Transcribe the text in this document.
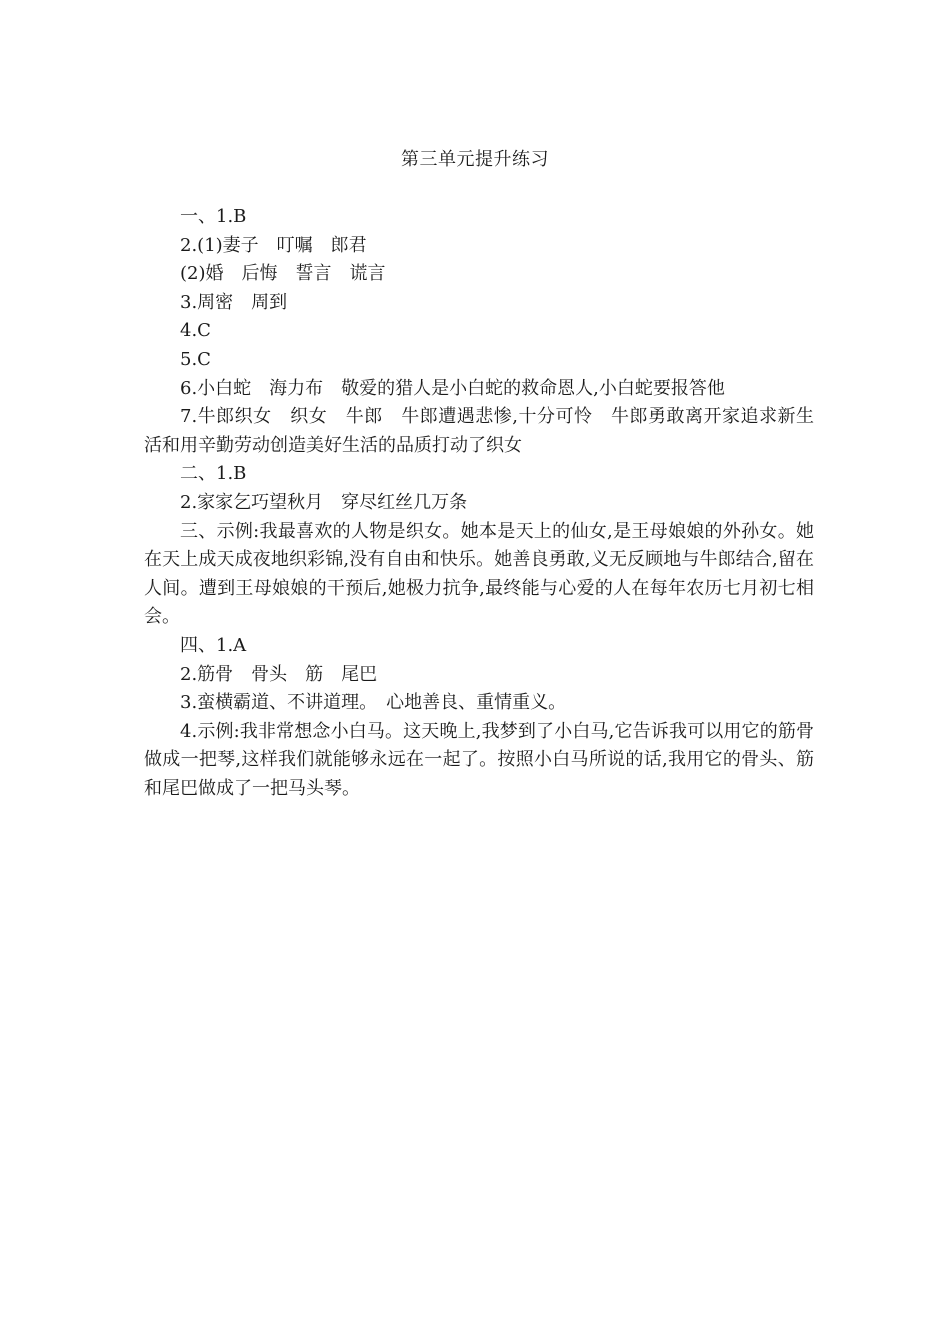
第三单元提升练习

一、1.B

2.(1)妻子　叮嘱　郎君

(2)婚　后悔　誓言　谎言

3.周密　周到

4.C

5.C

6.小白蛇　海力布　敬爱的猎人是小白蛇的救命恩人,小白蛇要报答他

7.牛郎织女　织女　牛郎　牛郎遭遇悲惨,十分可怜　牛郎勇敢离开家追求新生活和用辛勤劳动创造美好生活的品质打动了织女

二、1.B

2.家家乞巧望秋月　穿尽红丝几万条

三、示例:我最喜欢的人物是织女。她本是天上的仙女,是王母娘娘的外孙女。她在天上成天成夜地织彩锦,没有自由和快乐。她善良勇敢,义无反顾地与牛郎结合,留在人间。遭到王母娘娘的干预后,她极力抗争,最终能与心爱的人在每年农历七月初七相会。

四、1.A

2.筋骨　骨头　筋　尾巴

3.蛮横霸道、不讲道理。　心地善良、重情重义。

4.示例:我非常想念小白马。这天晚上,我梦到了小白马,它告诉我可以用它的筋骨做成一把琴,这样我们就能够永远在一起了。按照小白马所说的话,我用它的骨头、筋和尾巴做成了一把马头琴。
